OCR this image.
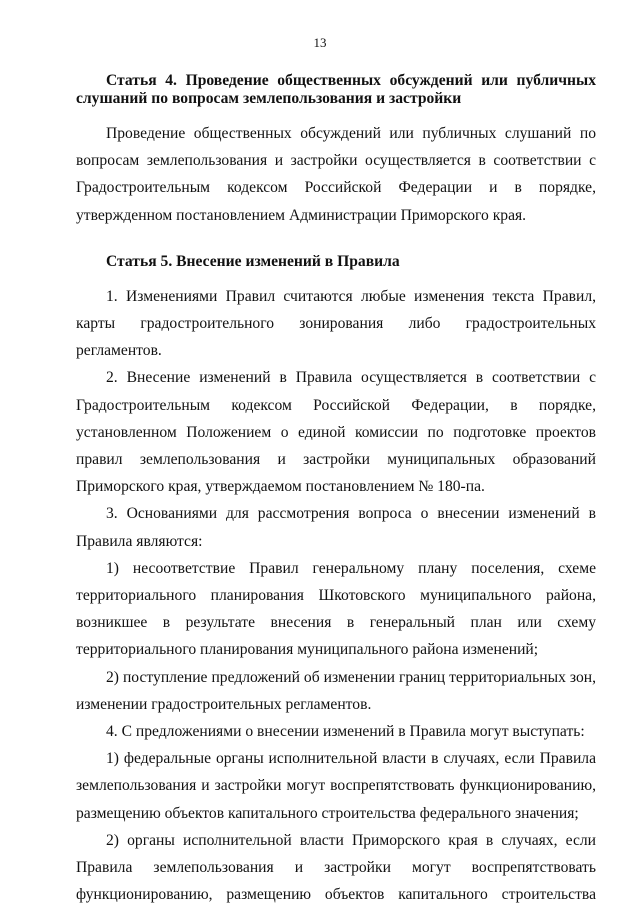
13

Статья 4. Проведение общественных обсуждений или публичных слушаний по вопросам землепользования и застройки

Проведение общественных обсуждений или публичных слушаний по вопросам землепользования и застройки осуществляется в соответствии с Градостроительным кодексом Российской Федерации и в порядке, утвержденном постановлением Администрации Приморского края.

Статья 5. Внесение изменений в Правила

1. Изменениями Правил считаются любые изменения текста Правил, карты градостроительного зонирования либо градостроительных регламентов.

2. Внесение изменений в Правила осуществляется в соответствии с Градостроительным кодексом Российской Федерации, в порядке, установленном Положением о единой комиссии по подготовке проектов правил землепользования и застройки муниципальных образований Приморского края, утверждаемом постановлением № 180-па.

3. Основаниями для рассмотрения вопроса о внесении изменений в Правила являются:

1) несоответствие Правил генеральному плану поселения, схеме территориального планирования Шкотовского муниципального района, возникшее в результате внесения в генеральный план или схему территориального планирования муниципального района изменений;

2) поступление предложений об изменении границ территориальных зон, изменении градостроительных регламентов.

4. С предложениями о внесении изменений в Правила могут выступать:

1) федеральные органы исполнительной власти в случаях, если Правила землепользования и застройки могут воспрепятствовать функционированию, размещению объектов капитального строительства федерального значения;

2) органы исполнительной власти Приморского края в случаях, если Правила землепользования и застройки могут воспрепятствовать функционированию, размещению объектов капитального строительства
